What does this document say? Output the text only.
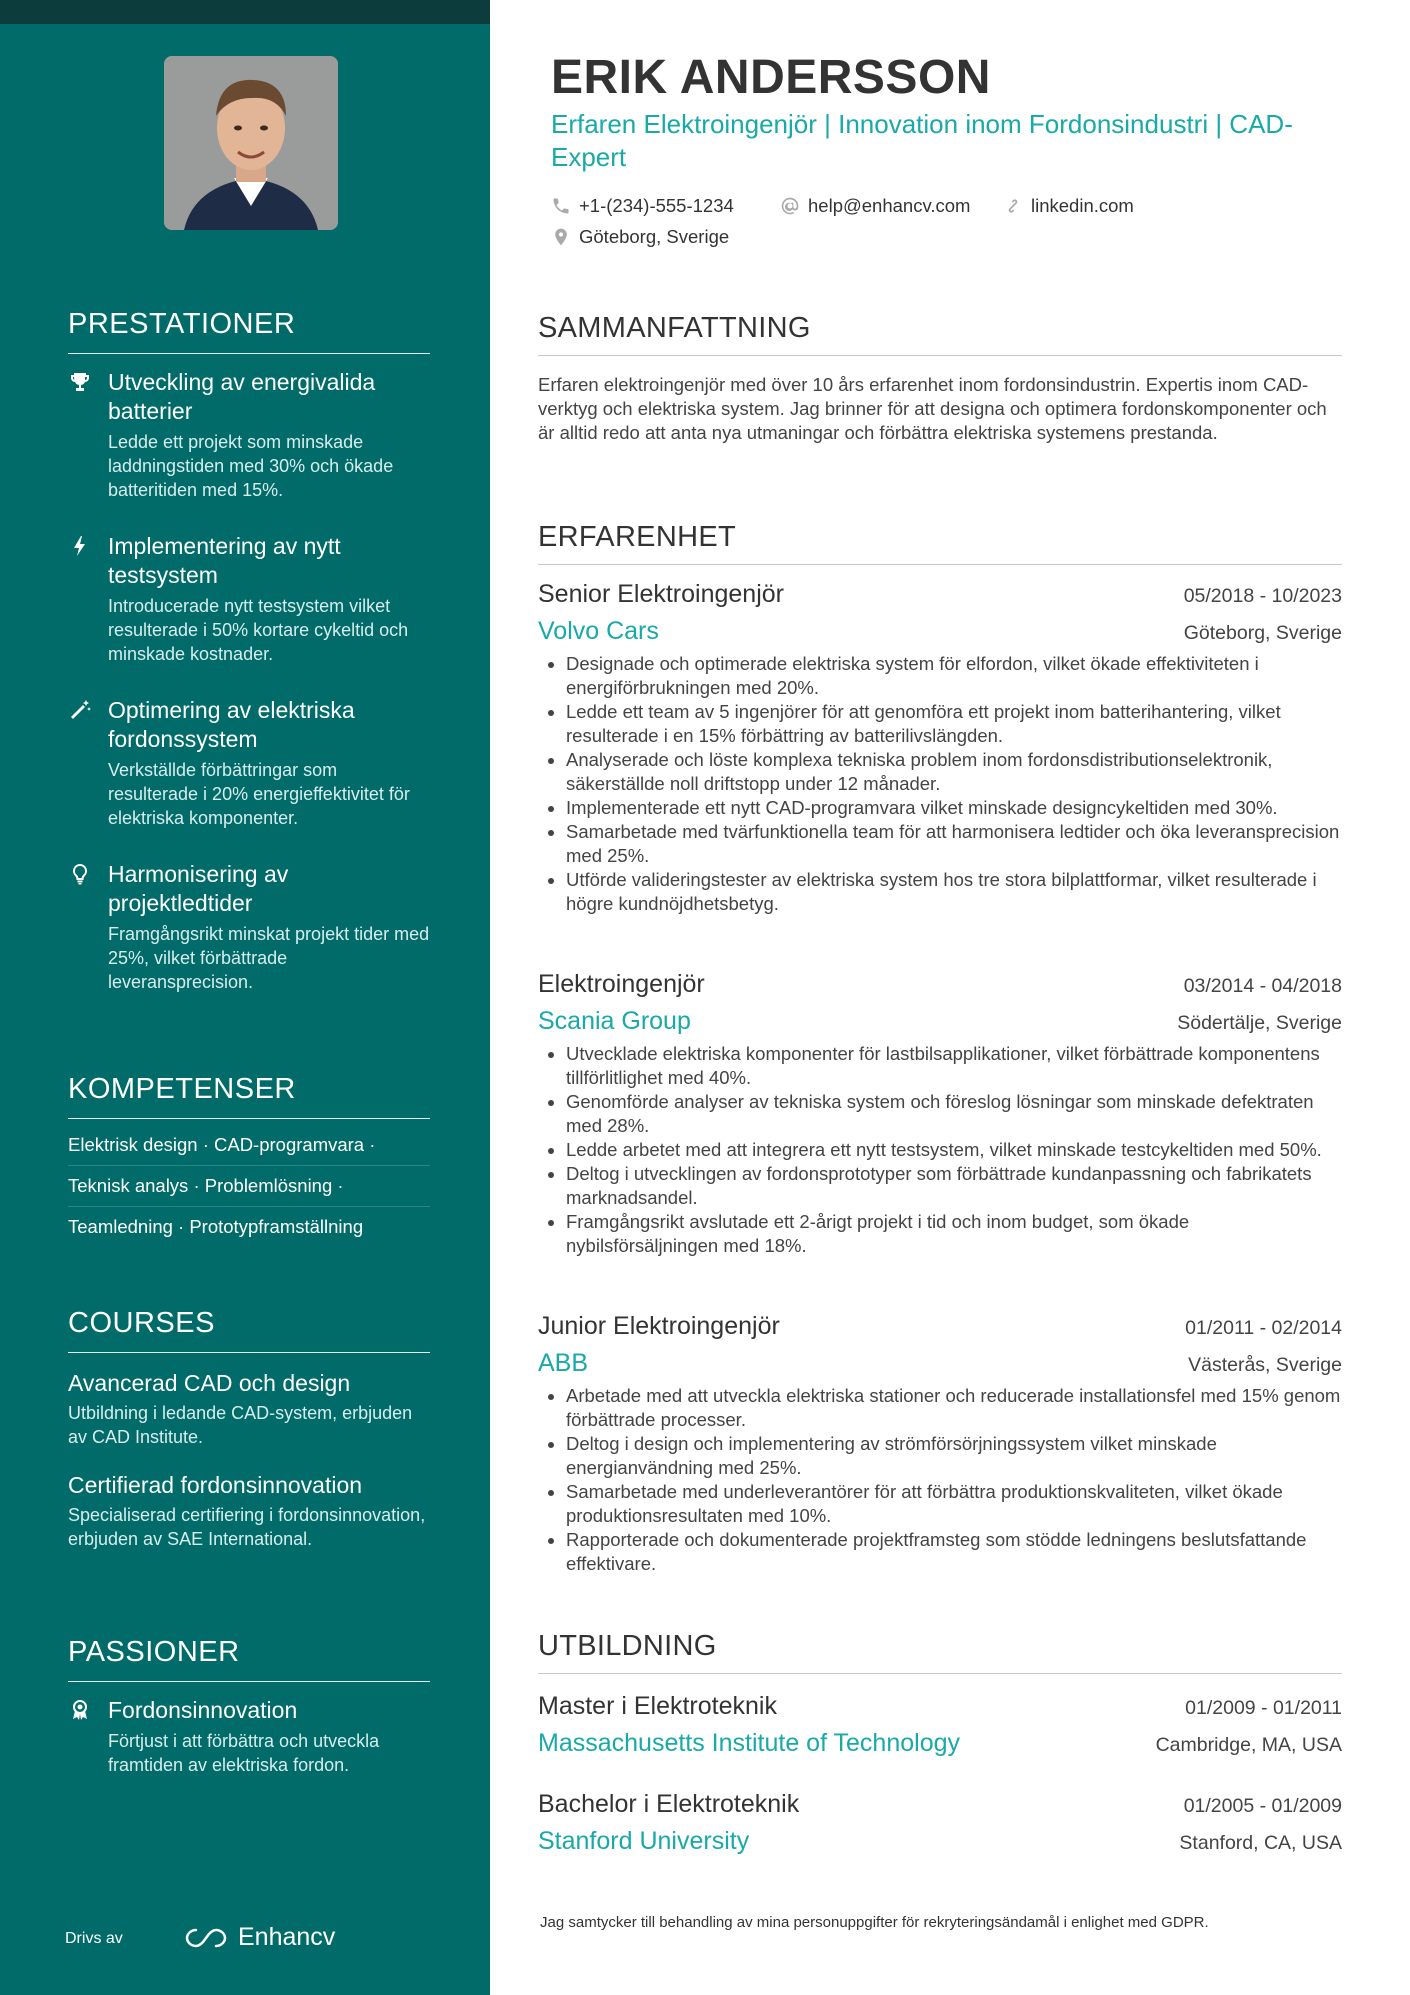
PRESTATIONER
Utveckling av energivalida batterier
Ledde ett projekt som minskade laddningstiden med 30% och ökade batteritiden med 15%.
Implementering av nytt testsystem
Introducerade nytt testsystem vilket resulterade i 50% kortare cykeltid och minskade kostnader.
Optimering av elektriska fordonssystem
Verkställde förbättringar som resulterade i 20% energieffektivitet för elektriska komponenter.
Harmonisering av projektledtider
Framgångsrikt minskat projekt tider med 25%, vilket förbättrade leveransprecision.
KOMPETENSER
Elektrisk design · CAD-programvara ·
Teknisk analys · Problemlösning ·
Teamledning · Prototypframställning
COURSES
Avancerad CAD och design
Utbildning i ledande CAD-system, erbjuden av CAD Institute.
Certifierad fordonsinnovation
Specialiserad certifiering i fordonsinnovation, erbjuden av SAE International.
PASSIONER
Fordonsinnovation
Förtjust i att förbättra och utveckla framtiden av elektriska fordon.
Drivs av	Enhancv
ERIK ANDERSSON
Erfaren Elektroingenjör | Innovation inom Fordonsindustri | CAD-Expert
+1-(234)-555-1234	help@enhancv.com	linkedin.com
Göteborg, Sverige
SAMMANFATTNING
Erfaren elektroingenjör med över 10 års erfarenhet inom fordonsindustrin. Expertis inom CAD-verktyg och elektriska system. Jag brinner för att designa och optimera fordonskomponenter och är alltid redo att anta nya utmaningar och förbättra elektriska systemens prestanda.
ERFARENHET
Senior Elektroingenjör	05/2018 - 10/2023
Volvo Cars	Göteborg, Sverige
• Designade och optimerade elektriska system för elfordon, vilket ökade effektiviteten i energiförbrukningen med 20%.
• Ledde ett team av 5 ingenjörer för att genomföra ett projekt inom batterihantering, vilket resulterade i en 15% förbättring av batterilivslängden.
• Analyserade och löste komplexa tekniska problem inom fordonsdistributionselektronik, säkerställde noll driftstopp under 12 månader.
• Implementerade ett nytt CAD-programvara vilket minskade designcykeltiden med 30%.
• Samarbetade med tvärfunktionella team för att harmonisera ledtider och öka leveransprecision med 25%.
• Utförde valideringstester av elektriska system hos tre stora bilplattformar, vilket resulterade i högre kundnöjdhetsbetyg.
Elektroingenjör	03/2014 - 04/2018
Scania Group	Södertälje, Sverige
• Utvecklade elektriska komponenter för lastbilsapplikationer, vilket förbättrade komponentens tillförlitlighet med 40%.
• Genomförde analyser av tekniska system och föreslog lösningar som minskade defektraten med 28%.
• Ledde arbetet med att integrera ett nytt testsystem, vilket minskade testcykeltiden med 50%.
• Deltog i utvecklingen av fordonsprototyper som förbättrade kundanpassning och fabrikatets marknadsandel.
• Framgångsrikt avslutade ett 2-årigt projekt i tid och inom budget, som ökade nybilsförsäljningen med 18%.
Junior Elektroingenjör	01/2011 - 02/2014
ABB	Västerås, Sverige
• Arbetade med att utveckla elektriska stationer och reducerade installationsfel med 15% genom förbättrade processer.
• Deltog i design och implementering av strömförsörjningssystem vilket minskade energianvändning med 25%.
• Samarbetade med underleverantörer för att förbättra produktionskvaliteten, vilket ökade produktionsresultaten med 10%.
• Rapporterade och dokumenterade projektframsteg som stödde ledningens beslutsfattande effektivare.
UTBILDNING
Master i Elektroteknik	01/2009 - 01/2011
Massachusetts Institute of Technology	Cambridge, MA, USA
Bachelor i Elektroteknik	01/2005 - 01/2009
Stanford University	Stanford, CA, USA
Jag samtycker till behandling av mina personuppgifter för rekryteringsändamål i enlighet med GDPR.
